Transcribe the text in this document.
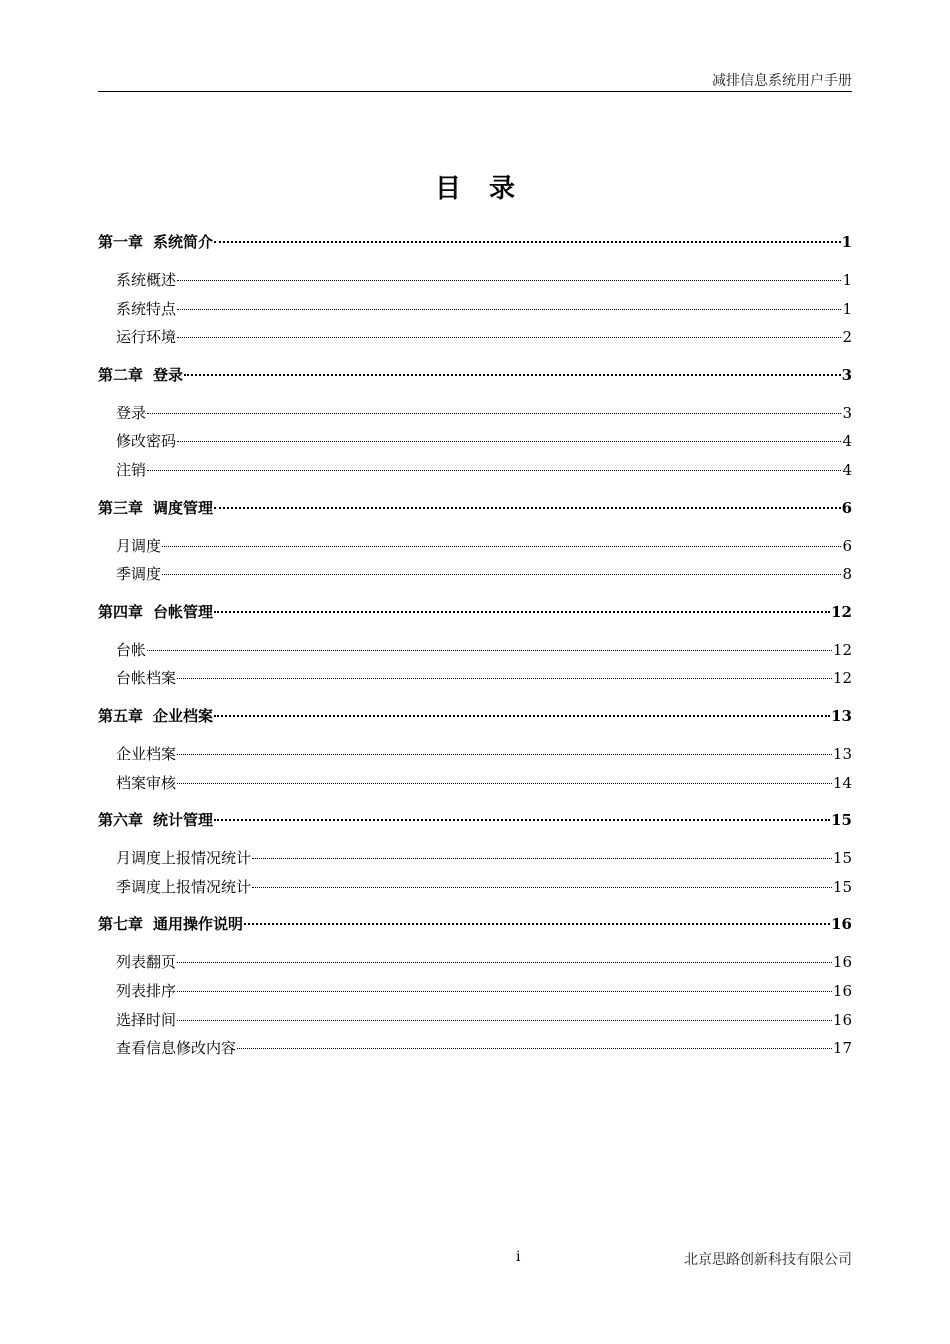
减排信息系统用户手册
目录
第一章 系统简介	1
系统概述	1
系统特点	1
运行环境	2
第二章 登录	3
登录	3
修改密码	4
注销	4
第三章 调度管理	6
月调度	6
季调度	8
第四章 台帐管理	12
台帐	12
台帐档案	12
第五章 企业档案	13
企业档案	13
档案审核	14
第六章 统计管理	15
月调度上报情况统计	15
季调度上报情况统计	15
第七章 通用操作说明	16
列表翻页	16
列表排序	16
选择时间	16
查看信息修改内容	17
i	北京思路创新科技有限公司
